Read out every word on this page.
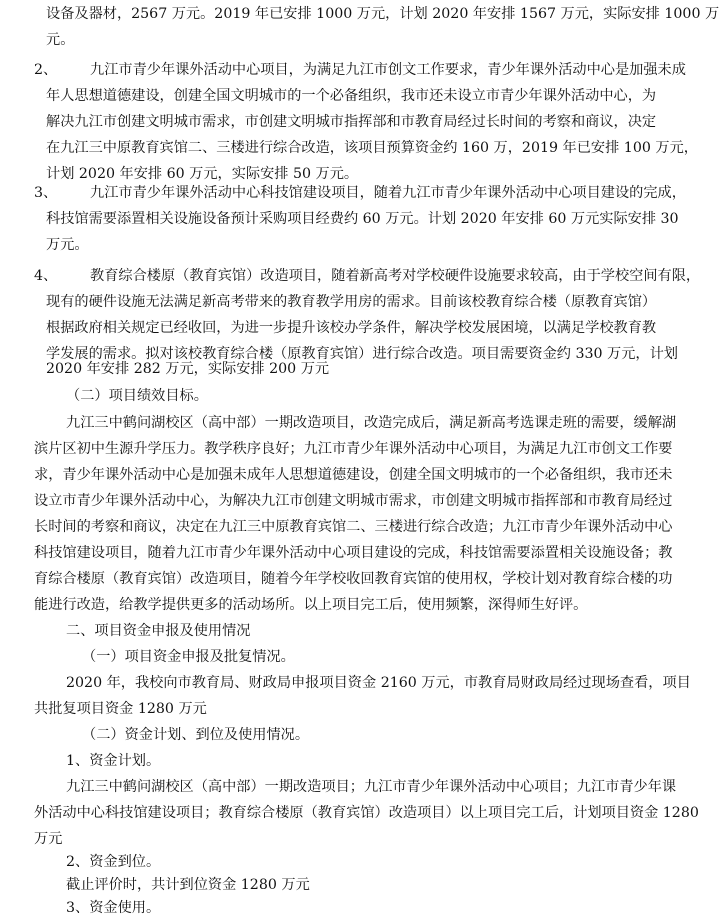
设备及器材，2567 万元。2019 年已安排 1000 万元，计划 2020 年安排 1567 万元，实际安排 1000 万
元。
2、 九江市青少年课外活动中心项目，为满足九江市创文工作要求，青少年课外活动中心是加强未成
年人思想道德建设，创建全国文明城市的一个必备组织，我市还未设立市青少年课外活动中心，为
解决九江市创建文明城市需求，市创建文明城市指挥部和市教育局经过长时间的考察和商议，决定
在九江三中原教育宾馆二、三楼进行综合改造，该项目预算资金约 160 万，2019 年已安排 100 万元，
计划 2020 年安排 60 万元，实际安排 50 万元。
3、 九江市青少年课外活动中心科技馆建设项目，随着九江市青少年课外活动中心项目建设的完成，
科技馆需要添置相关设施设备预计采购项目经费约 60 万元。计划 2020 年安排 60 万元实际安排 30
万元。
4、 教育综合楼原（教育宾馆）改造项目，随着新高考对学校硬件设施要求较高，由于学校空间有限，
现有的硬件设施无法满足新高考带来的教育教学用房的需求。目前该校教育综合楼（原教育宾馆）
根据政府相关规定已经收回，为进一步提升该校办学条件，解决学校发展困境，以满足学校教育教
学发展的需求。拟对该校教育综合楼（原教育宾馆）进行综合改造。项目需要资金约 330 万元，计划
2020 年安排 282 万元，实际安排 200 万元
（二）项目绩效目标。
九江三中鹤问湖校区（高中部）一期改造项目，改造完成后，满足新高考选课走班的需要，缓解湖
滨片区初中生源升学压力。教学秩序良好；九江市青少年课外活动中心项目，为满足九江市创文工作要
求，青少年课外活动中心是加强未成年人思想道德建设，创建全国文明城市的一个必备组织，我市还未
设立市青少年课外活动中心，为解决九江市创建文明城市需求，市创建文明城市指挥部和市教育局经过
长时间的考察和商议，决定在九江三中原教育宾馆二、三楼进行综合改造；九江市青少年课外活动中心
科技馆建设项目，随着九江市青少年课外活动中心项目建设的完成，科技馆需要添置相关设施设备；教
育综合楼原（教育宾馆）改造项目，随着今年学校收回教育宾馆的使用权，学校计划对教育综合楼的功
能进行改造，给教学提供更多的活动场所。以上项目完工后，使用频繁，深得师生好评。
二、项目资金申报及使用情况
（一）项目资金申报及批复情况。
2020 年，我校向市教育局、财政局申报项目资金 2160 万元，市教育局财政局经过现场查看，项目
共批复项目资金 1280 万元
（二）资金计划、到位及使用情况。
1、资金计划。
九江三中鹤问湖校区（高中部）一期改造项目；九江市青少年课外活动中心项目；九江市青少年课
外活动中心科技馆建设项目；教育综合楼原（教育宾馆）改造项目）以上项目完工后，计划项目资金 1280
万元
2、资金到位。
截止评价时，共计到位资金 1280 万元
3、资金使用。
